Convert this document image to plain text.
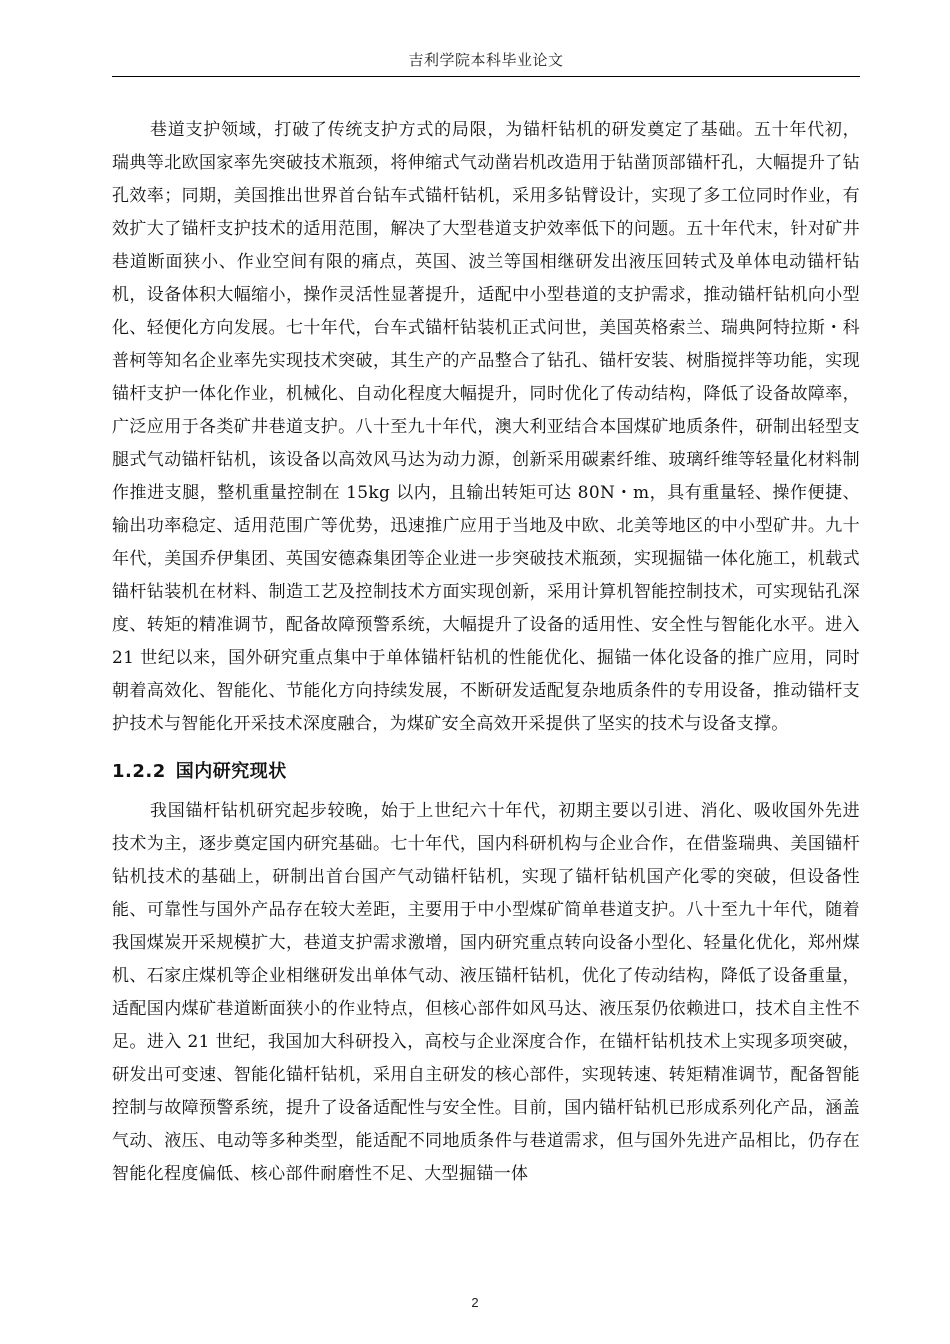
吉利学院本科毕业论文

巷道支护领域，打破了传统支护方式的局限，为锚杆钻机的研发奠定了基础。五十年代初，瑞典等北欧国家率先突破技术瓶颈，将伸缩式气动凿岩机改造用于钻凿顶部锚杆孔，大幅提升了钻孔效率；同期，美国推出世界首台钻车式锚杆钻机，采用多钻臂设计，实现了多工位同时作业，有效扩大了锚杆支护技术的适用范围，解决了大型巷道支护效率低下的问题。五十年代末，针对矿井巷道断面狭小、作业空间有限的痛点，英国、波兰等国相继研发出液压回转式及单体电动锚杆钻机，设备体积大幅缩小，操作灵活性显著提升，适配中小型巷道的支护需求，推动锚杆钻机向小型化、轻便化方向发展。七十年代，台车式锚杆钻装机正式问世，美国英格索兰、瑞典阿特拉斯・科普柯等知名企业率先实现技术突破，其生产的产品整合了钻孔、锚杆安装、树脂搅拌等功能，实现锚杆支护一体化作业，机械化、自动化程度大幅提升，同时优化了传动结构，降低了设备故障率，广泛应用于各类矿井巷道支护。八十至九十年代，澳大利亚结合本国煤矿地质条件，研制出轻型支腿式气动锚杆钻机，该设备以高效风马达为动力源，创新采用碳素纤维、玻璃纤维等轻量化材料制作推进支腿，整机重量控制在 15kg 以内，且输出转矩可达 80N・m，具有重量轻、操作便捷、输出功率稳定、适用范围广等优势，迅速推广应用于当地及中欧、北美等地区的中小型矿井。九十年代，美国乔伊集团、英国安德森集团等企业进一步突破技术瓶颈，实现掘锚一体化施工，机载式锚杆钻装机在材料、制造工艺及控制技术方面实现创新，采用计算机智能控制技术，可实现钻孔深度、转矩的精准调节，配备故障预警系统，大幅提升了设备的适用性、安全性与智能化水平。进入 21 世纪以来，国外研究重点集中于单体锚杆钻机的性能优化、掘锚一体化设备的推广应用，同时朝着高效化、智能化、节能化方向持续发展，不断研发适配复杂地质条件的专用设备，推动锚杆支护技术与智能化开采技术深度融合，为煤矿安全高效开采提供了坚实的技术与设备支撑。

1.2.2 国内研究现状

我国锚杆钻机研究起步较晚，始于上世纪六十年代，初期主要以引进、消化、吸收国外先进技术为主，逐步奠定国内研究基础。七十年代，国内科研机构与企业合作，在借鉴瑞典、美国锚杆钻机技术的基础上，研制出首台国产气动锚杆钻机，实现了锚杆钻机国产化零的突破，但设备性能、可靠性与国外产品存在较大差距，主要用于中小型煤矿简单巷道支护。八十至九十年代，随着我国煤炭开采规模扩大，巷道支护需求激增，国内研究重点转向设备小型化、轻量化优化，郑州煤机、石家庄煤机等企业相继研发出单体气动、液压锚杆钻机，优化了传动结构，降低了设备重量，适配国内煤矿巷道断面狭小的作业特点，但核心部件如风马达、液压泵仍依赖进口，技术自主性不足。进入 21 世纪，我国加大科研投入，高校与企业深度合作，在锚杆钻机技术上实现多项突破，研发出可变速、智能化锚杆钻机，采用自主研发的核心部件，实现转速、转矩精准调节，配备智能控制与故障预警系统，提升了设备适配性与安全性。目前，国内锚杆钻机已形成系列化产品，涵盖气动、液压、电动等多种类型，能适配不同地质条件与巷道需求，但与国外先进产品相比，仍存在智能化程度偏低、核心部件耐磨性不足、大型掘锚一体

2
